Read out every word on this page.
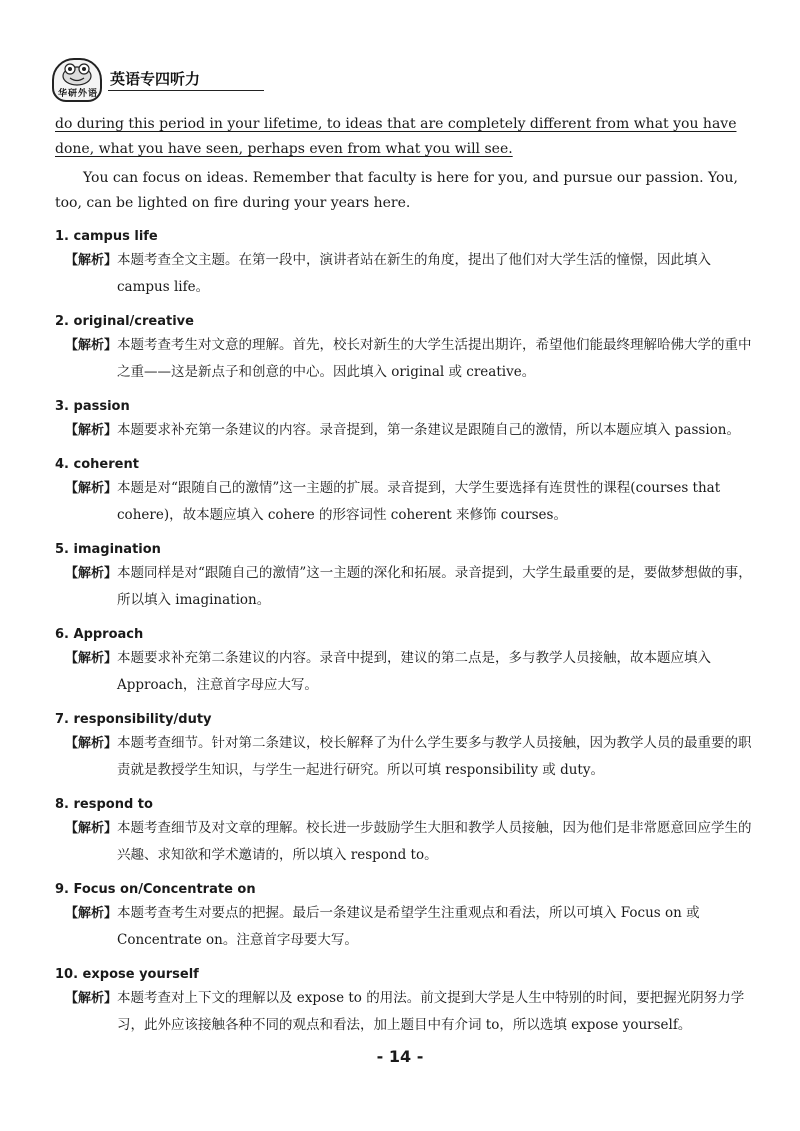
华研外语
英语专四听力

do during this period in your lifetime, to ideas that are completely different from what you have done, what you have seen, perhaps even from what you will see.

You can focus on ideas. Remember that faculty is here for you, and pursue our passion. You, too, can be lighted on fire during your years here.

1. campus life
【解析】 本题考查全文主题。在第一段中，演讲者站在新生的角度，提出了他们对大学生活的憧憬，因此填入 campus life。
2. original/creative
【解析】 本题考查考生对文意的理解。首先，校长对新生的大学生活提出期许，希望他们能最终理解哈佛大学的重中之重——这是新点子和创意的中心。因此填入 original 或 creative。
3. passion
【解析】 本题要求补充第一条建议的内容。录音提到，第一条建议是跟随自己的激情，所以本题应填入 passion。
4. coherent
【解析】 本题是对“跟随自己的激情”这一主题的扩展。录音提到，大学生要选择有连贯性的课程(courses that cohere)，故本题应填入 cohere 的形容词性 coherent 来修饰 courses。
5. imagination
【解析】 本题同样是对“跟随自己的激情”这一主题的深化和拓展。录音提到，大学生最重要的是，要做梦想做的事，所以填入 imagination。
6. Approach
【解析】 本题要求补充第二条建议的内容。录音中提到，建议的第二点是，多与教学人员接触，故本题应填入 Approach，注意首字母应大写。
7. responsibility/duty
【解析】 本题考查细节。针对第二条建议，校长解释了为什么学生要多与教学人员接触，因为教学人员的最重要的职责就是教授学生知识，与学生一起进行研究。所以可填 responsibility 或 duty。
8. respond to
【解析】 本题考查细节及对文章的理解。校长进一步鼓励学生大胆和教学人员接触，因为他们是非常愿意回应学生的兴趣、求知欲和学术邀请的，所以填入 respond to。
9. Focus on/Concentrate on
【解析】 本题考查考生对要点的把握。最后一条建议是希望学生注重观点和看法，所以可填入 Focus on 或 Concentrate on。注意首字母要大写。
10. expose yourself
【解析】 本题考查对上下文的理解以及 expose to 的用法。前文提到大学是人生中特别的时间，要把握光阴努力学习，此外应该接触各种不同的观点和看法，加上题目中有介词 to，所以选填 expose yourself。
- 14 -
